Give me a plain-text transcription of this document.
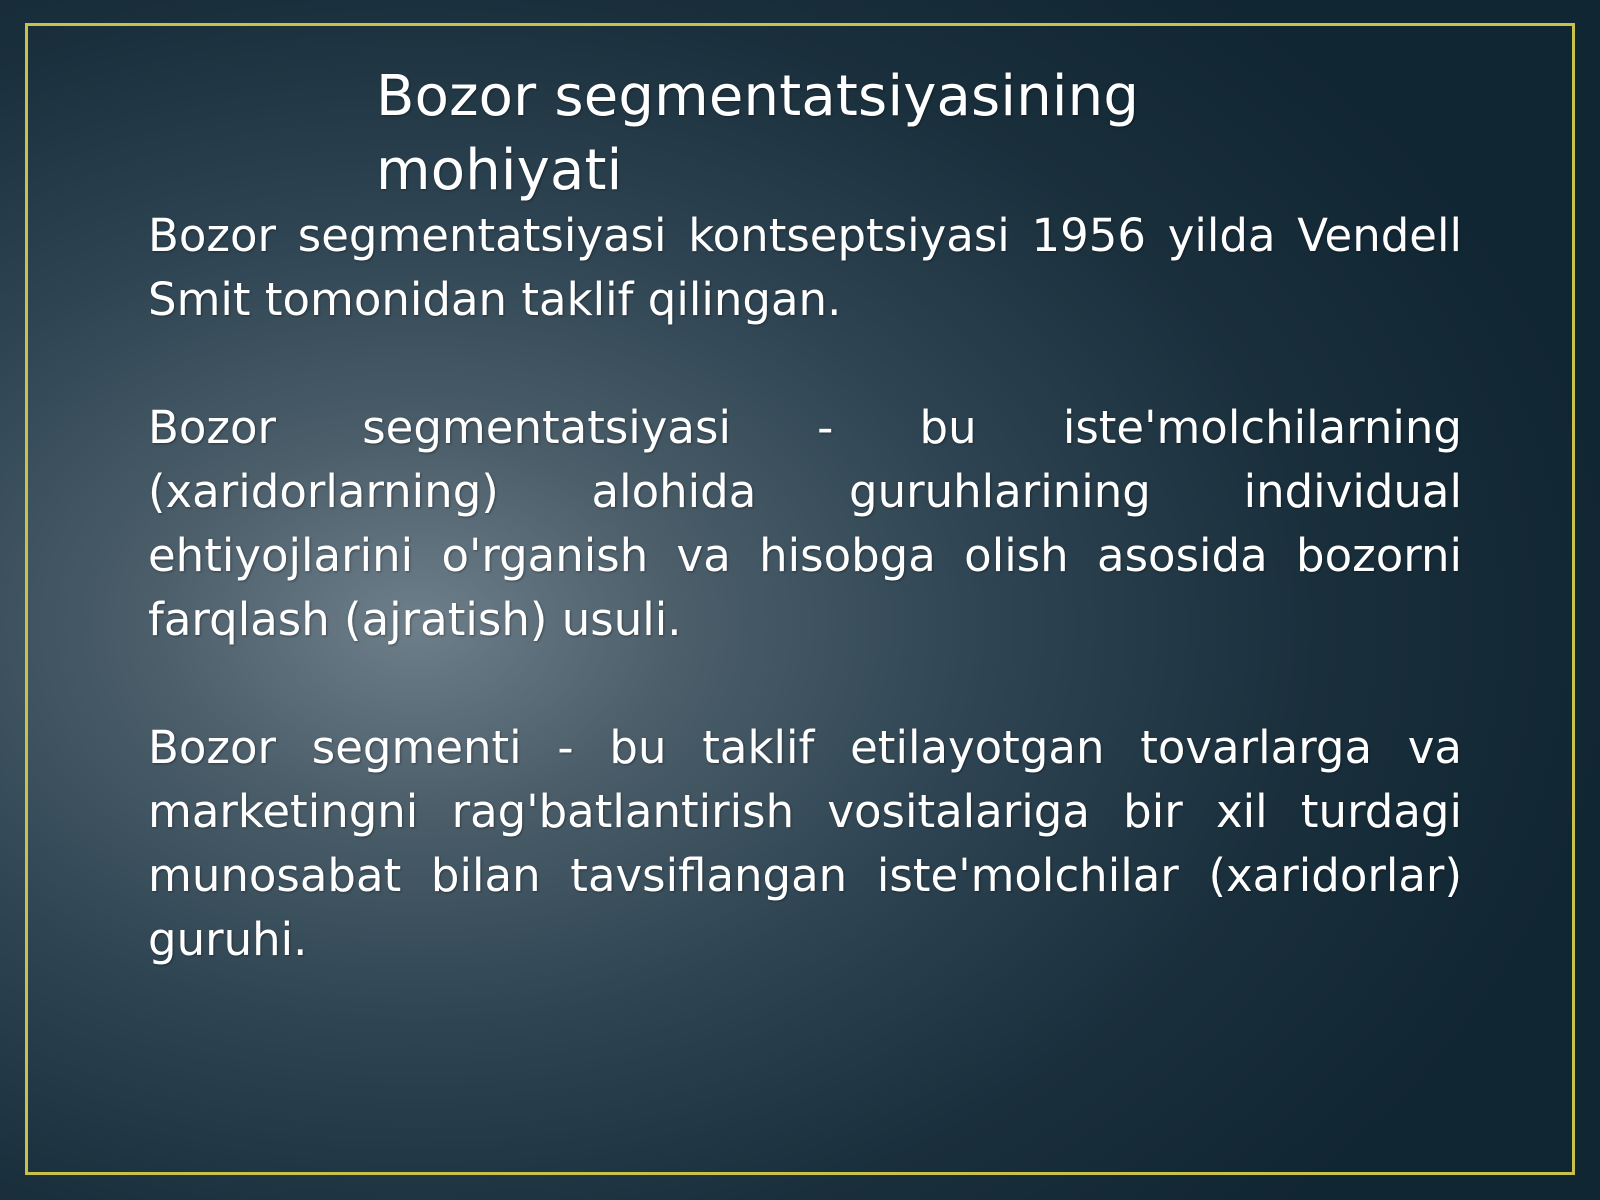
Bozor segmentatsiyasining mohiyati

Bozor segmentatsiyasi kontseptsiyasi 1956 yilda Vendell Smit tomonidan taklif qilingan.

Bozor segmentatsiyasi - bu iste'molchilarning (xaridorlarning) alohida guruhlarining individual ehtiyojlarini o'rganish va hisobga olish asosida bozorni farqlash (ajratish) usuli.

Bozor segmenti - bu taklif etilayotgan tovarlarga va marketingni rag'batlantirish vositalariga bir xil turdagi munosabat bilan tavsiflangan iste'molchilar (xaridorlar) guruhi.
